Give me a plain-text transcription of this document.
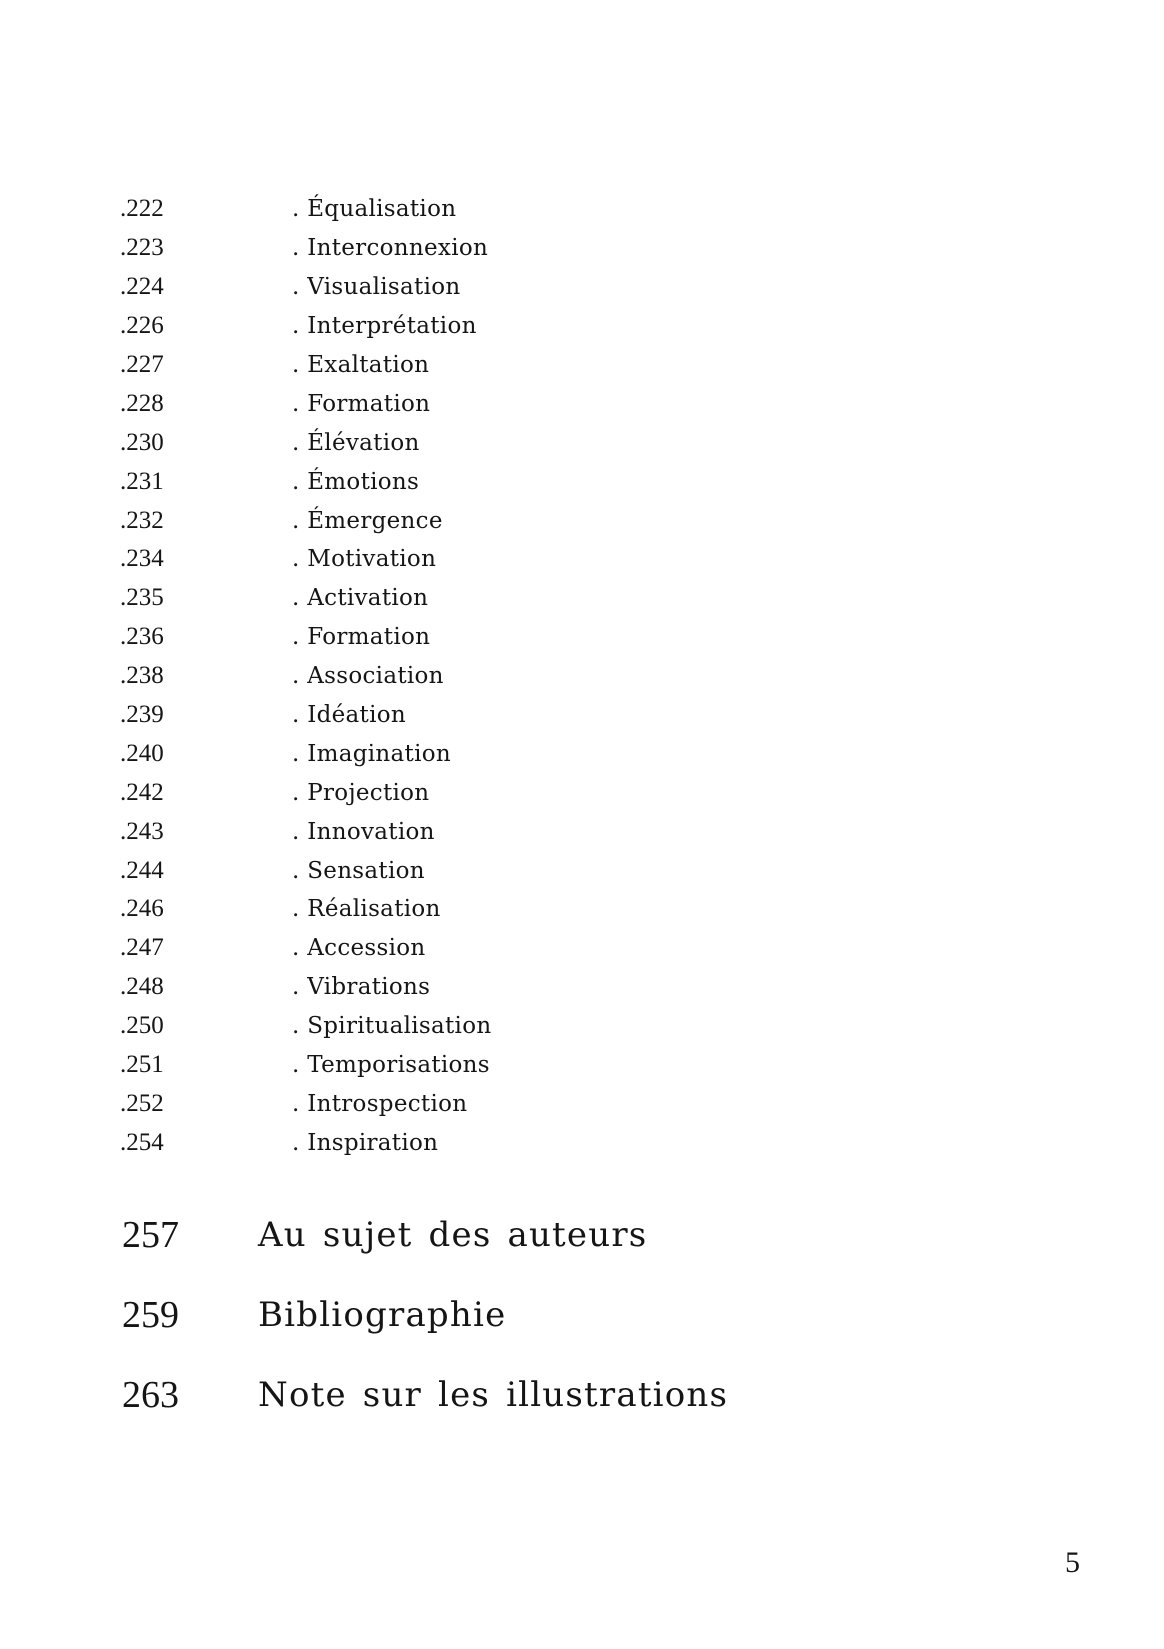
.222	. Équalisation
.223	. Interconnexion
.224	. Visualisation
.226	. Interprétation
.227	. Exaltation
.228	. Formation
.230	. Élévation
.231	. Émotions
.232	. Émergence
.234	. Motivation
.235	. Activation
.236	. Formation
.238	. Association
.239	. Idéation
.240	. Imagination
.242	. Projection
.243	. Innovation
.244	. Sensation
.246	. Réalisation
.247	. Accession
.248	. Vibrations
.250	. Spiritualisation
.251	. Temporisations
.252	. Introspection
.254	. Inspiration
257	Au sujet des auteurs
259	Bibliographie
263	Note sur les illustrations
5
